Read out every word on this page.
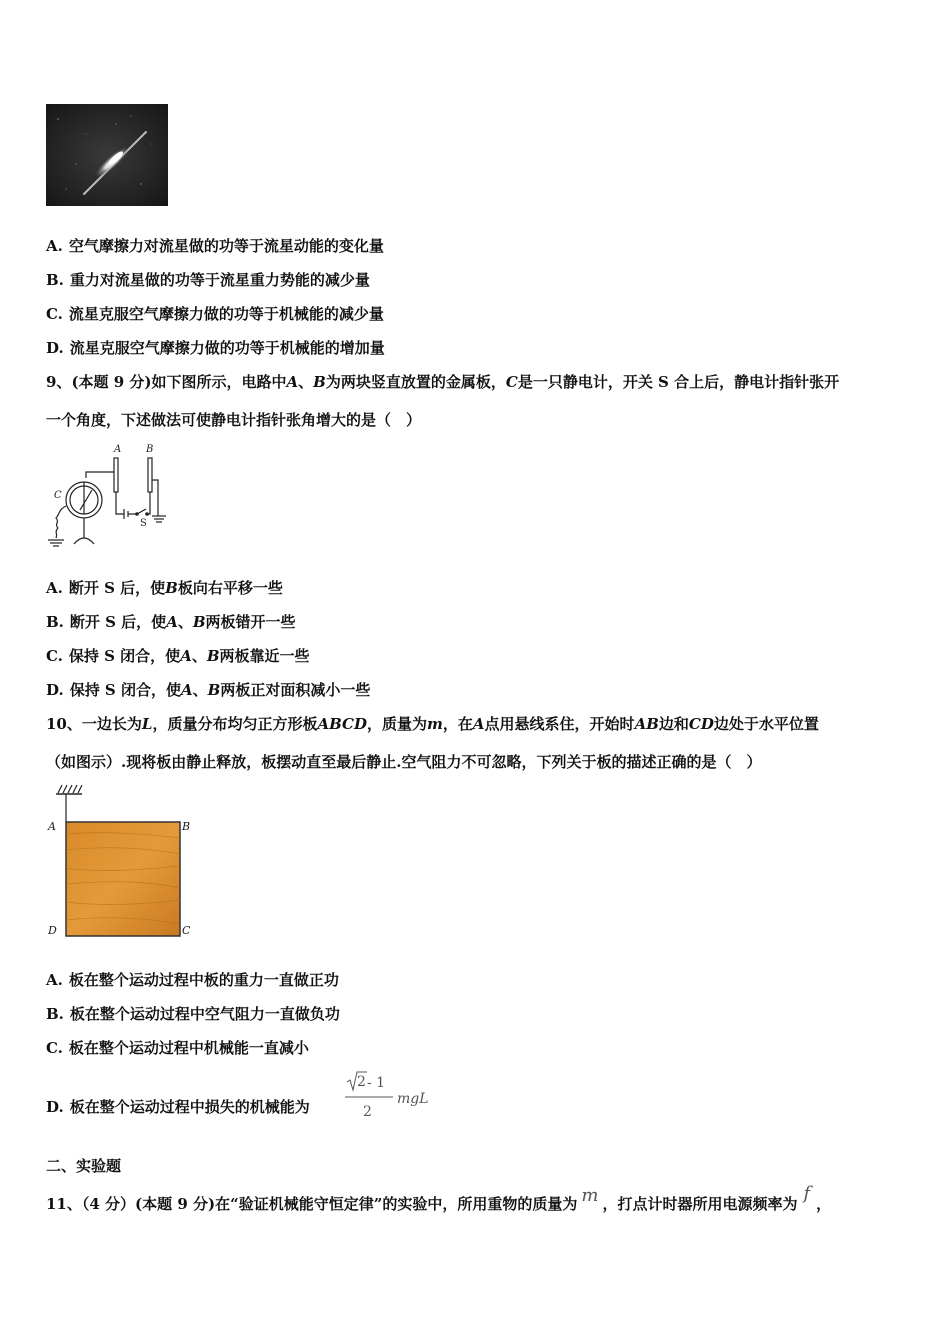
A. 空气摩擦力对流星做的功等于流星动能的变化量
B. 重力对流星做的功等于流星重力势能的减少量
C. 流星克服空气摩擦力做的功等于机械能的减少量
D. 流星克服空气摩擦力做的功等于机械能的增加量
9、(本题 9 分)如下图所示，电路中A、B为两块竖直放置的金属板，C是一只静电计，开关 S 合上后，静电计指针张开
一个角度，下述做法可使静电计指针张角增大的是（　）
A B
S
C
A. 断开 S 后，使B板向右平移一些
B. 断开 S 后，使A、B两板错开一些
C. 保持 S 闭合，使A、B两板靠近一些
D. 保持 S 闭合，使A、B两板正对面积减小一些
10、一边长为L，质量分布均匀正方形板ABCD，质量为m，在A点用悬线系住，开始时AB边和CD边处于水平位置
（如图示）.现将板由静止释放，板摆动直至最后静止.空气阻力不可忽略，下列关于板的描述正确的是（　）
A	B
C
D
A. 板在整个运动过程中板的重力一直做正功
B. 板在整个运动过程中空气阻力一直做负功
C. 板在整个运动过程中机械能一直减小
D. 板在整个运动过程中损失的机械能为
2 - 1
2
mgL
二、实验题
11、（4 分）(本题 9 分)在“验证机械能守恒定律”的实验中，所用重物的质量为 m ，打点计时器所用电源频率为 f ，
